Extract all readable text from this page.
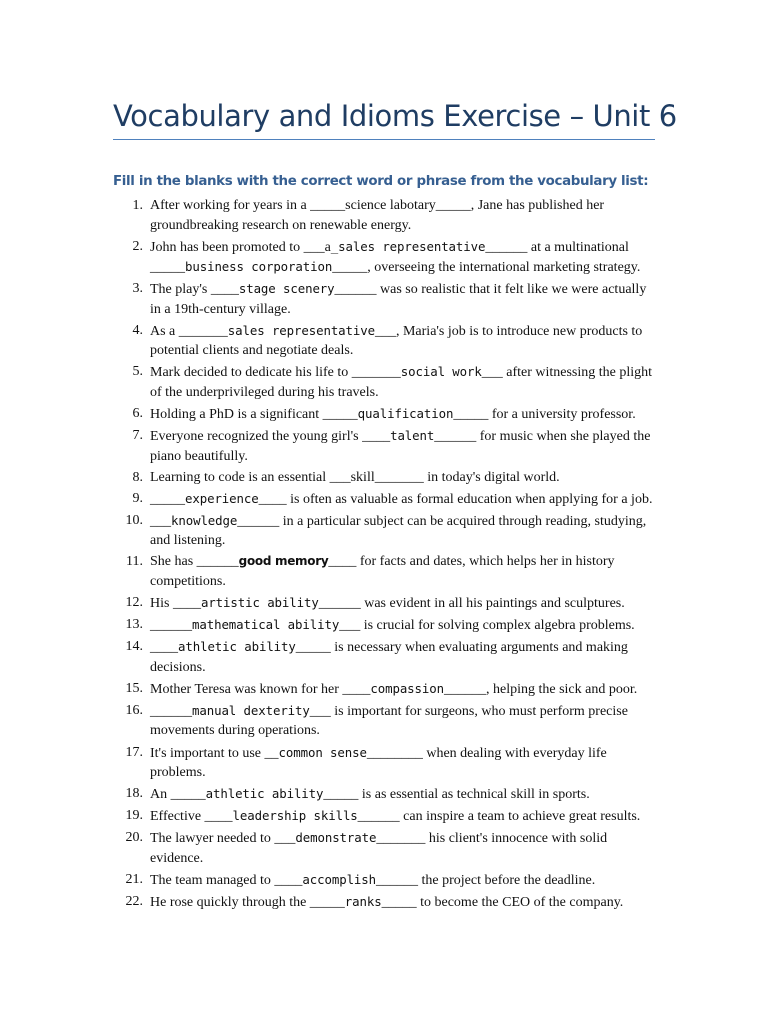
Vocabulary and Idioms Exercise – Unit 6
Fill in the blanks with the correct word or phrase from the vocabulary list:
1. After working for years in a _____science labotary_____, Jane has published her groundbreaking research on renewable energy.
2. John has been promoted to ___a_sales representative______ at a multinational _____business corporation_____, overseeing the international marketing strategy.
3. The play's ____stage scenery______ was so realistic that it felt like we were actually in a 19th-century village.
4. As a _______sales representative___, Maria's job is to introduce new products to potential clients and negotiate deals.
5. Mark decided to dedicate his life to _______social work___ after witnessing the plight of the underprivileged during his travels.
6. Holding a PhD is a significant _____qualification_____ for a university professor.
7. Everyone recognized the young girl's ____talent______ for music when she played the piano beautifully.
8. Learning to code is an essential ___skill_______ in today's digital world.
9. _____experience____ is often as valuable as formal education when applying for a job.
10. ___knowledge______ in a particular subject can be acquired through reading, studying, and listening.
11. She has ______good memory____ for facts and dates, which helps her in history competitions.
12. His ____artistic ability______ was evident in all his paintings and sculptures.
13. ______mathematical ability___ is crucial for solving complex algebra problems.
14. ____athletic ability_____ is necessary when evaluating arguments and making decisions.
15. Mother Teresa was known for her ____compassion______, helping the sick and poor.
16. ______manual dexterity___ is important for surgeons, who must perform precise movements during operations.
17. It's important to use __common sense________ when dealing with everyday life problems.
18. An _____athletic ability_____ is as essential as technical skill in sports.
19. Effective ____leadership skills______ can inspire a team to achieve great results.
20. The lawyer needed to ___demonstrate_______ his client's innocence with solid evidence.
21. The team managed to ____accomplish______ the project before the deadline.
22. He rose quickly through the _____ranks_____ to become the CEO of the company.
